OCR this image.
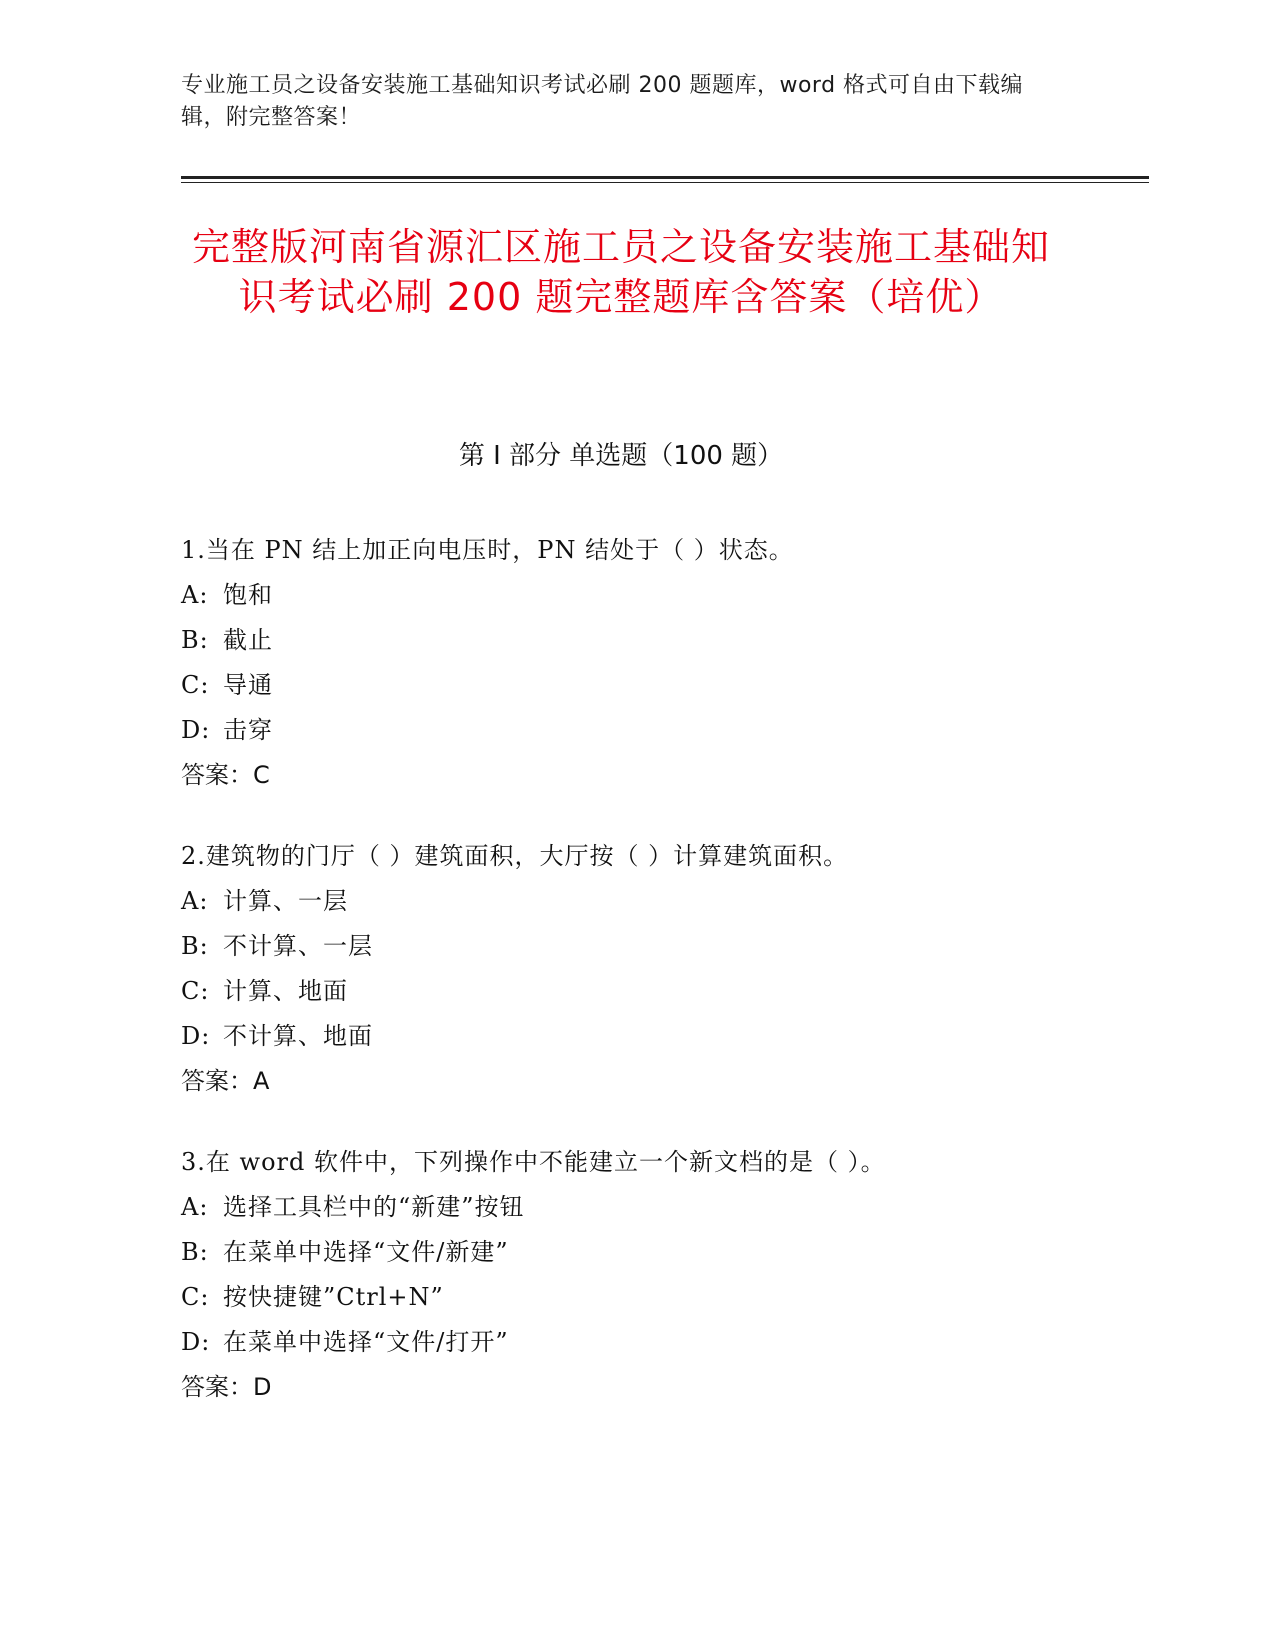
专业施工员之设备安装施工基础知识考试必刷 200 题题库，word 格式可自由下载编辑，附完整答案！
完整版河南省源汇区施工员之设备安装施工基础知识考试必刷 200 题完整题库含答案（培优）
第 I 部分 单选题（100 题）
1.当在 PN 结上加正向电压时，PN 结处于（ ）状态。
A: 饱和
B: 截止
C: 导通
D: 击穿
答案：C
2.建筑物的门厅（ ）建筑面积，大厅按（ ）计算建筑面积。
A: 计算、一层
B: 不计算、一层
C: 计算、地面
D: 不计算、地面
答案：A
3.在 word 软件中，下列操作中不能建立一个新文档的是（ ）。
A: 选择工具栏中的“新建”按钮
B: 在菜单中选择“文件/新建”
C: 按快捷键”Ctrl+N”
D: 在菜单中选择“文件/打开”
答案：D
